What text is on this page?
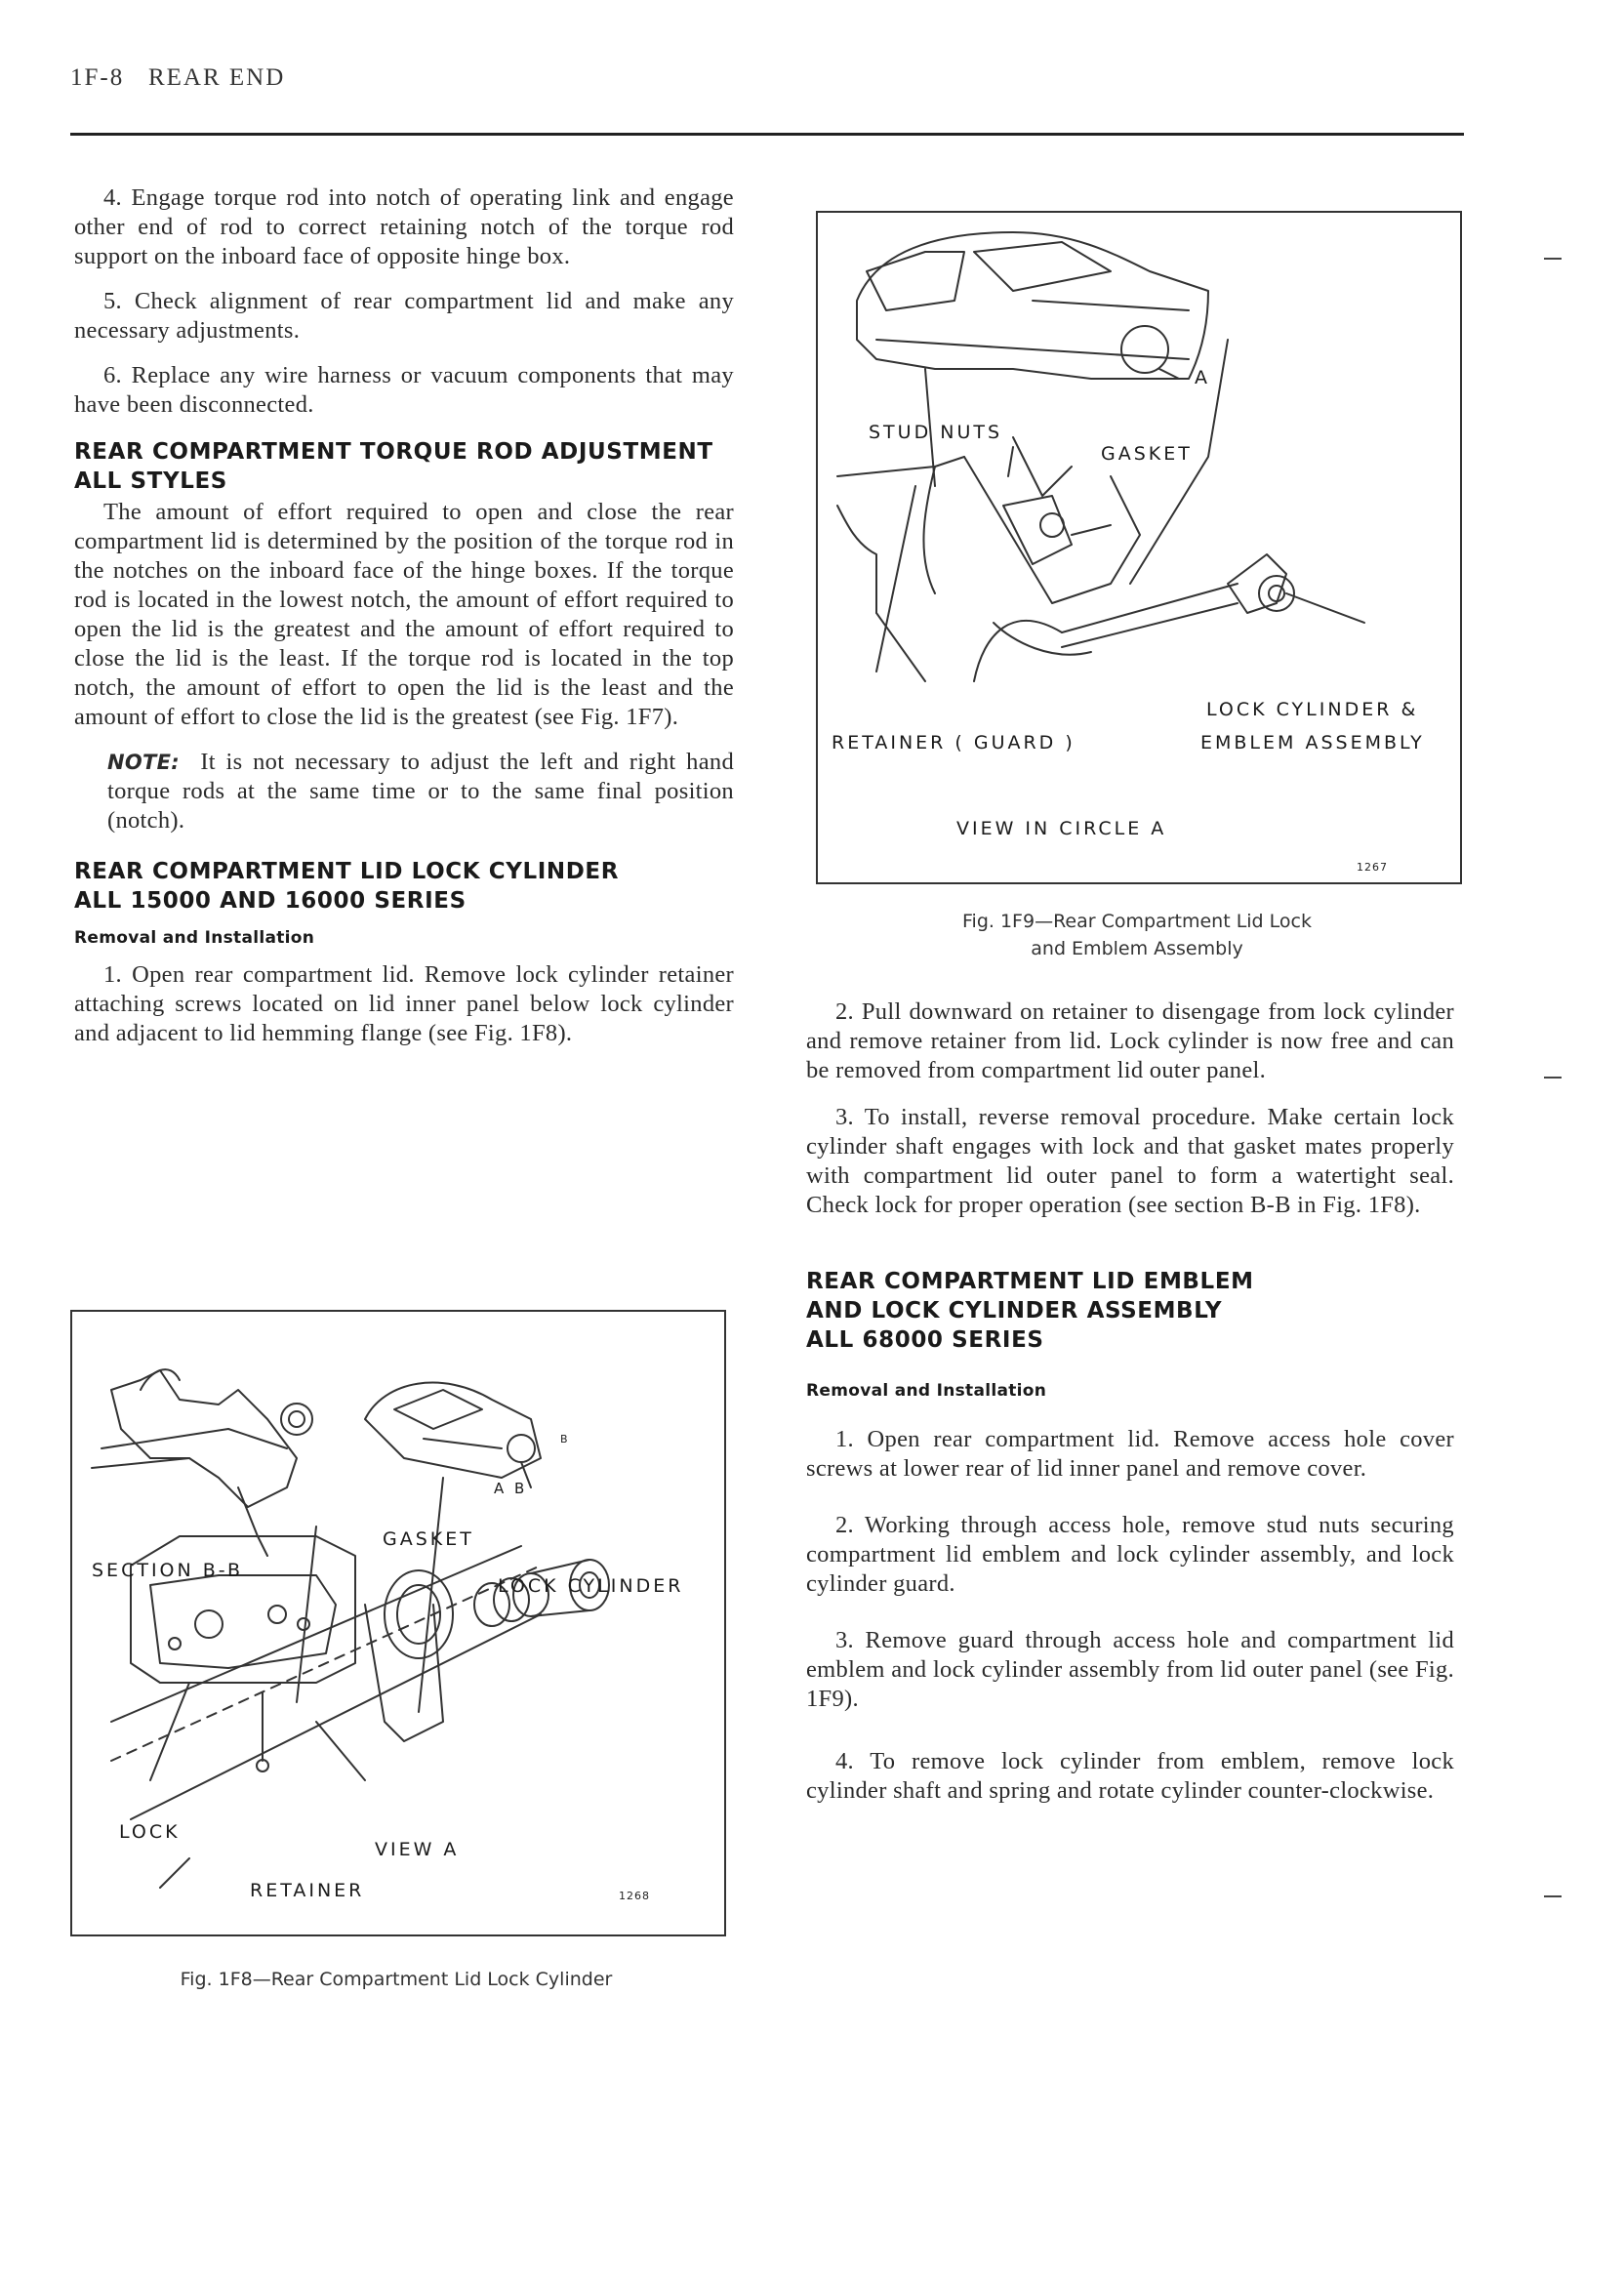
1F-8 REAR END

4. Engage torque rod into notch of operating link and engage other end of rod to correct retaining notch of the torque rod support on the inboard face of opposite hinge box.

5. Check alignment of rear compartment lid and make any necessary adjustments.

6. Replace any wire harness or vacuum components that may have been disconnected.

REAR COMPARTMENT TORQUE ROD ADJUSTMENT

ALL STYLES

The amount of effort required to open and close the rear compartment lid is determined by the position of the torque rod in the notches on the inboard face of the hinge boxes. If the torque rod is located in the lowest notch, the amount of effort required to open the lid is the greatest and the amount of effort required to close the lid is the least. If the torque rod is located in the top notch, the amount of effort to open the lid is the least and the amount of effort to close the lid is the greatest (see Fig. 1F7).

NOTE: It is not necessary to adjust the left and right hand torque rods at the same time or to the same final position (notch).

REAR COMPARTMENT LID LOCK CYLINDER

ALL 15000 AND 16000 SERIES

Removal and Installation

1. Open rear compartment lid. Remove lock cylinder retainer attaching screws located on lid inner panel below lock cylinder and adjacent to lid hemming flange (see Fig. 1F8).

B
A B
SECTION B-B
GASKET
LOCK CYLINDER
LOCK
VIEW A
RETAINER	1268
Fig. 1F8—Rear Compartment Lid Lock Cylinder
A
STUD NUTS
GASKET
LOCK CYLINDER &
RETAINER ( GUARD )	EMBLEM ASSEMBLY
VIEW IN CIRCLE A
1267
Fig. 1F9—Rear Compartment Lid Lock
and Emblem Assembly

2. Pull downward on retainer to disengage from lock cylinder and remove retainer from lid. Lock cylinder is now free and can be removed from compartment lid outer panel.

3. To install, reverse removal procedure. Make certain lock cylinder shaft engages with lock and that gasket mates properly with compartment lid outer panel to form a watertight seal. Check lock for proper operation (see section B-B in Fig. 1F8).

REAR COMPARTMENT LID EMBLEM

AND LOCK CYLINDER ASSEMBLY

ALL 68000 SERIES

Removal and Installation

1. Open rear compartment lid. Remove access hole cover screws at lower rear of lid inner panel and remove cover.

2. Working through access hole, remove stud nuts securing compartment lid emblem and lock cylinder assembly, and lock cylinder guard.

3. Remove guard through access hole and compartment lid emblem and lock cylinder assembly from lid outer panel (see Fig. 1F9).

4. To remove lock cylinder from emblem, remove lock cylinder shaft and spring and rotate cylinder counter-clockwise.
